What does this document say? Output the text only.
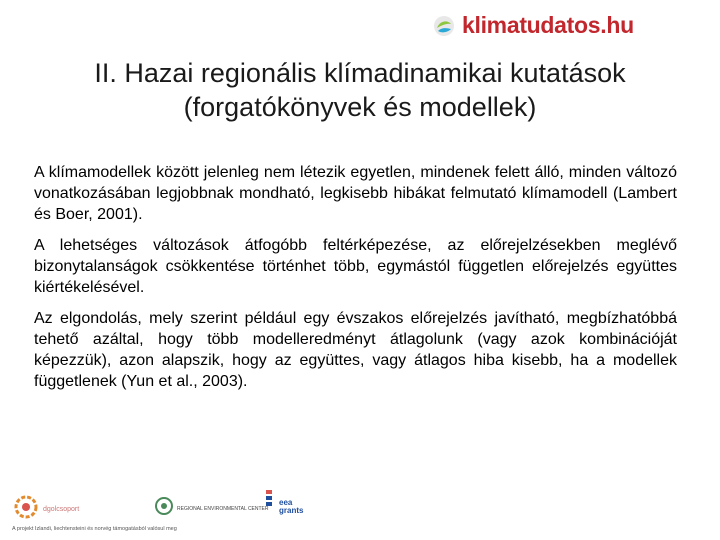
klimatudatos.hu
II. Hazai regionális klímadinamikai kutatások
(forgatókönyvek és modellek)

A klímamodellek között jelenleg nem létezik egyetlen, mindenek felett álló, minden változó vonatkozásában legjobbnak mondható, legkisebb hibákat felmutató klímamodell (Lambert és Boer, 2001).

A lehetséges változások átfogóbb feltérképezése, az előrejelzésekben meglévő bizonytalanságok csökkentése történhet több, egymástól független előrejelzés együttes kiértékelésével.

Az elgondolás, mely szerint például egy évszakos előrejelzés javítható, megbízhatóbbá tehető azáltal, hogy több modelleredményt átlagolunk (vagy azok kombinációját képezzük), azon alapszik, hogy az együttes, vagy átlagos hiba kisebb, ha a modellek függetlenek (Yun et al., 2003).

dgolcsoport	REGIONAL ENVIRONMENTAL CENTER
eea grants
A projekt Izlandi, liechtensteini és norvég támogatásból valósul meg
